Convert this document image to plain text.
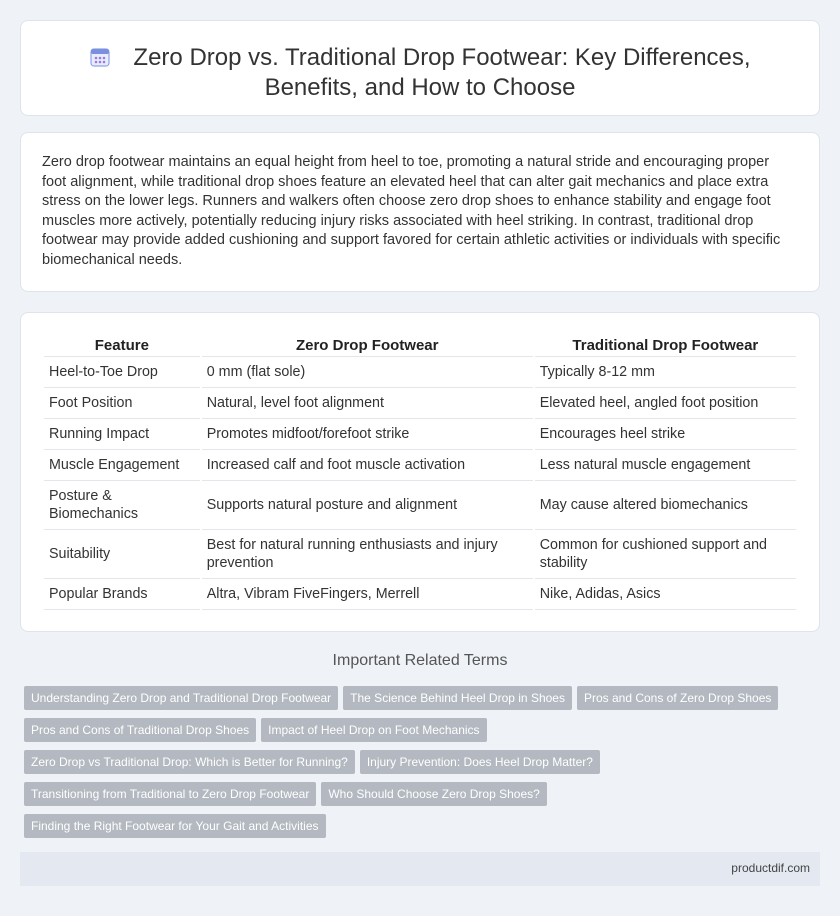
Zero Drop vs. Traditional Drop Footwear: Key Differences, Benefits, and How to Choose

Zero drop footwear maintains an equal height from heel to toe, promoting a natural stride and encouraging proper foot alignment, while traditional drop shoes feature an elevated heel that can alter gait mechanics and place extra stress on the lower legs. Runners and walkers often choose zero drop shoes to enhance stability and engage foot muscles more actively, potentially reducing injury risks associated with heel striking. In contrast, traditional drop footwear may provide added cushioning and support favored for certain athletic activities or individuals with specific biomechanical needs.

Feature	Zero Drop Footwear	Traditional Drop Footwear
Heel-to-Toe Drop	0 mm (flat sole)	Typically 8-12 mm
Foot Position	Natural, level foot alignment	Elevated heel, angled foot position
Running Impact	Promotes midfoot/forefoot strike	Encourages heel strike
Muscle Engagement	Increased calf and foot muscle activation	Less natural muscle engagement
Posture & Biomechanics	Supports natural posture and alignment	May cause altered biomechanics
Suitability	Best for natural running enthusiasts and injury prevention	Common for cushioned support and stability
Popular Brands	Altra, Vibram FiveFingers, Merrell	Nike, Adidas, Asics
Important Related Terms
Understanding Zero Drop and Traditional Drop Footwear The Science Behind Heel Drop in Shoes Pros and Cons of Zero Drop Shoes
Pros and Cons of Traditional Drop Shoes Impact of Heel Drop on Foot Mechanics
Zero Drop vs Traditional Drop: Which is Better for Running? Injury Prevention: Does Heel Drop Matter?
Transitioning from Traditional to Zero Drop Footwear Who Should Choose Zero Drop Shoes?
Finding the Right Footwear for Your Gait and Activities
productdif.com
